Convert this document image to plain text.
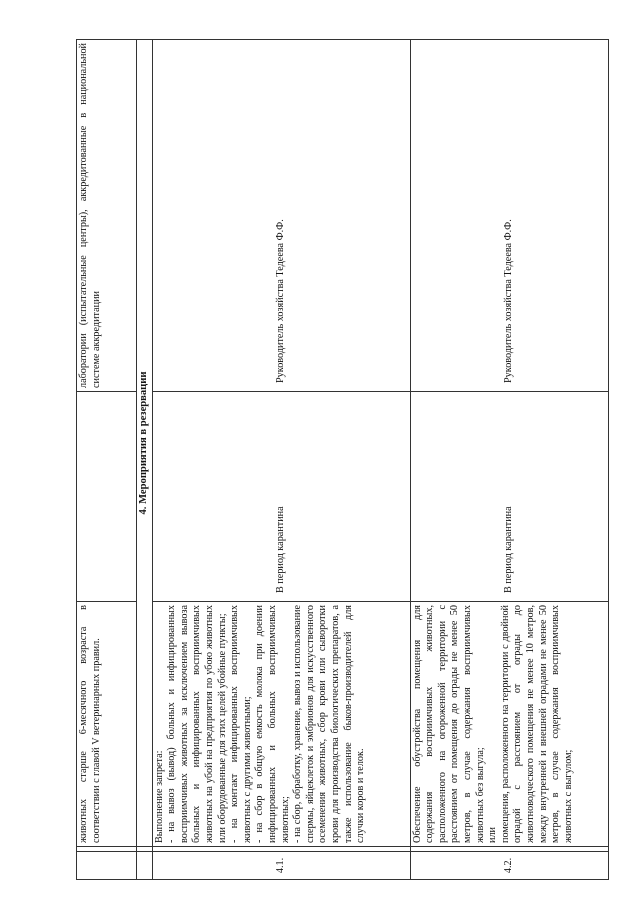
		животных старше 6-месячного возраста в соответствии с главой V ветеринарных правил.		лаборатории (испытательные центры), аккредитованные в национальной системе аккредитации
		4. Мероприятия в резервации		
4.1.		Выполнение запрета: - на вывоз (вывод) больных и инфицированных восприимчивых животных за исключением вывоза больных и инфицированных восприимчивых животных на убой на предприятия по убою животных или оборудованные для этих целей убойные пункты; - на контакт инфицированных восприимчивых животных с другими животными; - на сбор в общую емкость молока при доении инфицированных и больных восприимчивых животных; - на сбор, обработку, хранение, вывоз и использование спермы, яйцеклеток и эмбрионов для искусственного осеменения животных, сбор крови или сыворотки крови для производства биологических препаратов, а также использование быков-производителей для случки коров и телок.	В период карантина	Руководитель хозяйства Тедеева Ф.Ф.
4.2.		Обеспечение обустройства помещения для содержания восприимчивых животных, расположенного на огороженной территории с расстоянием от помещения до ограды не менее 50 метров, в случае содержания восприимчивых животных без выгула; или помещения, расположенного на территории с двойной оградой с расстоянием от ограды до животноводческого помещения не менее 10 метров, между внутренней и внешней оградами не менее 50 метров, в случае содержания восприимчивых животных с выгулом;	В период карантина	Руководитель хозяйства Тедеева Ф.Ф.
